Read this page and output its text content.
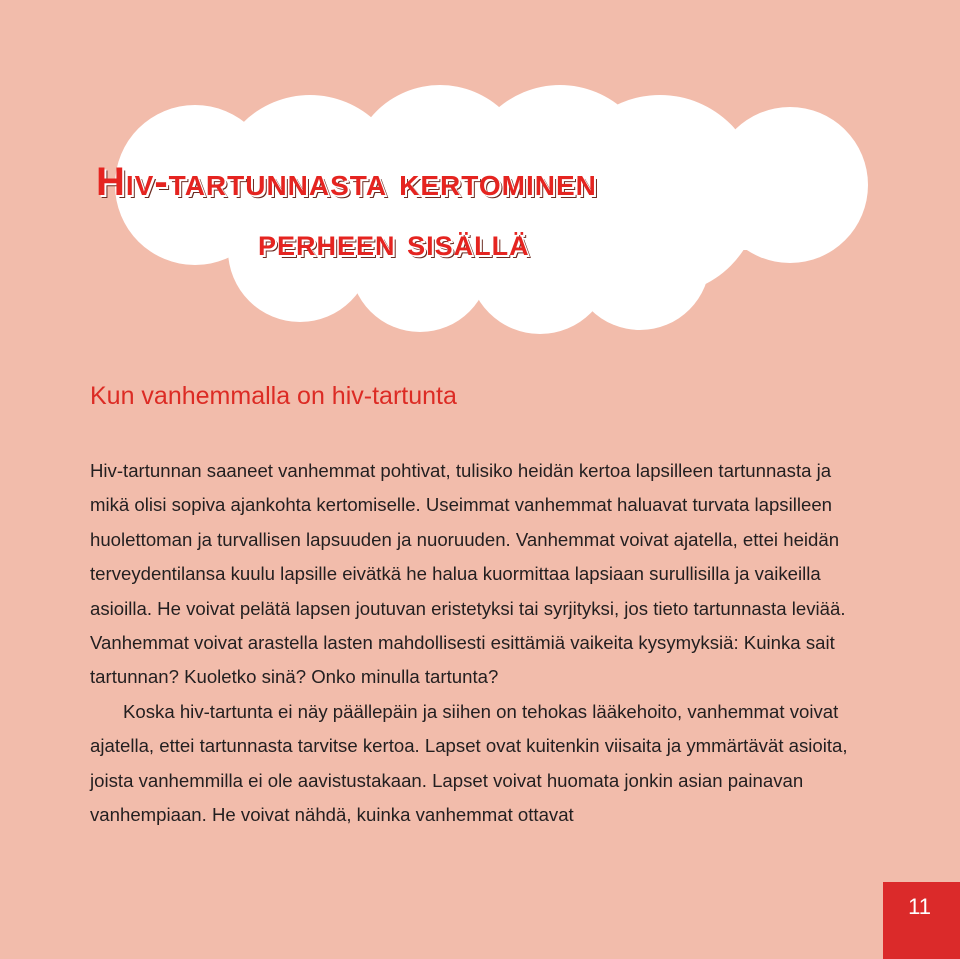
Hiv-tartunnasta kertominen
perheen sisällä
Kun vanhemmalla on hiv-tartunta

Hiv-tartunnan saaneet vanhemmat pohtivat, tulisiko heidän kertoa lapsilleen tartunnasta ja mikä olisi sopiva ajankohta kertomiselle. Useimmat vanhemmat haluavat turvata lapsilleen huolettoman ja turvallisen lapsuuden ja nuoruuden. Vanhemmat voivat ajatella, ettei heidän terveydentilansa kuulu lapsille eivätkä he halua kuormittaa lapsiaan surullisilla ja vaikeilla asioilla. He voivat pelätä lapsen joutuvan eristetyksi tai syrjityksi, jos tieto tartunnasta leviää. Vanhemmat voivat arastella lasten mahdollisesti esittämiä vaikeita kysymyksiä: Kuinka sait tartunnan? Kuoletko sinä? Onko minulla tartunta?

Koska hiv-tartunta ei näy päällepäin ja siihen on tehokas lääkehoito, vanhemmat voivat ajatella, ettei tartunnasta tarvitse kertoa. Lapset ovat kuitenkin viisaita ja ymmärtävät asioita, joista vanhemmilla ei ole aavistustakaan. Lapset voivat huomata jonkin asian painavan vanhempiaan. He voivat nähdä, kuinka vanhemmat ottavat

11
